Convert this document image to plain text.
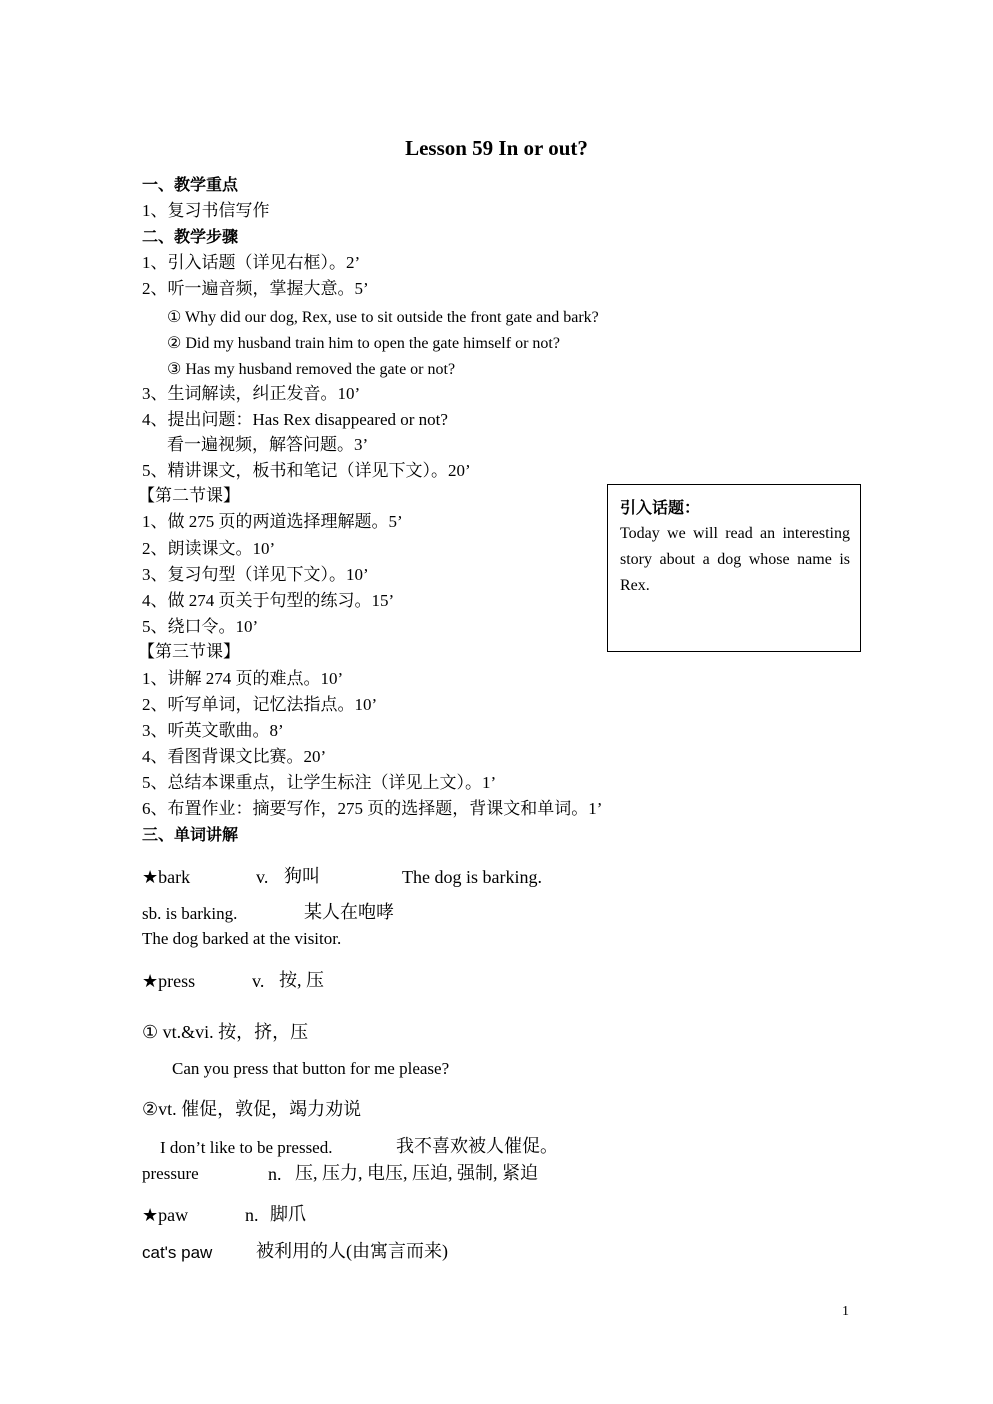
Lesson 59 In or out?
一、教学重点
1、复习书信写作
二、教学步骤
1、引入话题（详见右框）。2’
2、听一遍音频，掌握大意。5’
① Why did our dog, Rex, use to sit outside the front gate and bark?
② Did my husband train him to open the gate himself or not?
③ Has my husband removed the gate or not?
3、生词解读，纠正发音。10’
4、提出问题：Has Rex disappeared or not?
看一遍视频，解答问题。3’
5、精讲课文，板书和笔记（详见下文）。20’
【第二节课】
1、做 275 页的两道选择理解题。5’
2、朗读课文。10’
3、复习句型（详见下文）。10’
4、做 274 页关于句型的练习。15’
5、绕口令。10’
【第三节课】
1、讲解 274 页的难点。10’
2、听写单词，记忆法指点。10’
3、听英文歌曲。8’
4、看图背课文比赛。20’
5、总结本课重点，让学生标注（详见上文）。1’
6、布置作业：摘要写作，275 页的选择题，背课文和单词。1’
三、单词讲解
引入话题：
Today we will read an interesting story about a dog whose name is Rex.
★bark	v. 狗叫	The dog is barking.
sb. is barking.	某人在咆哮
The dog barked at the visitor.
★press	v. 按, 压
① vt.&vi. 按，挤，压
Can you press that button for me please?
②vt. 催促，敦促，竭力劝说
I don’t like to be pressed.	我不喜欢被人催促。
pressure	n. 压, 压力, 电压, 压迫, 强制, 紧迫
★paw	n. 脚爪
cat's paw 被利用的人(由寓言而来)
1
